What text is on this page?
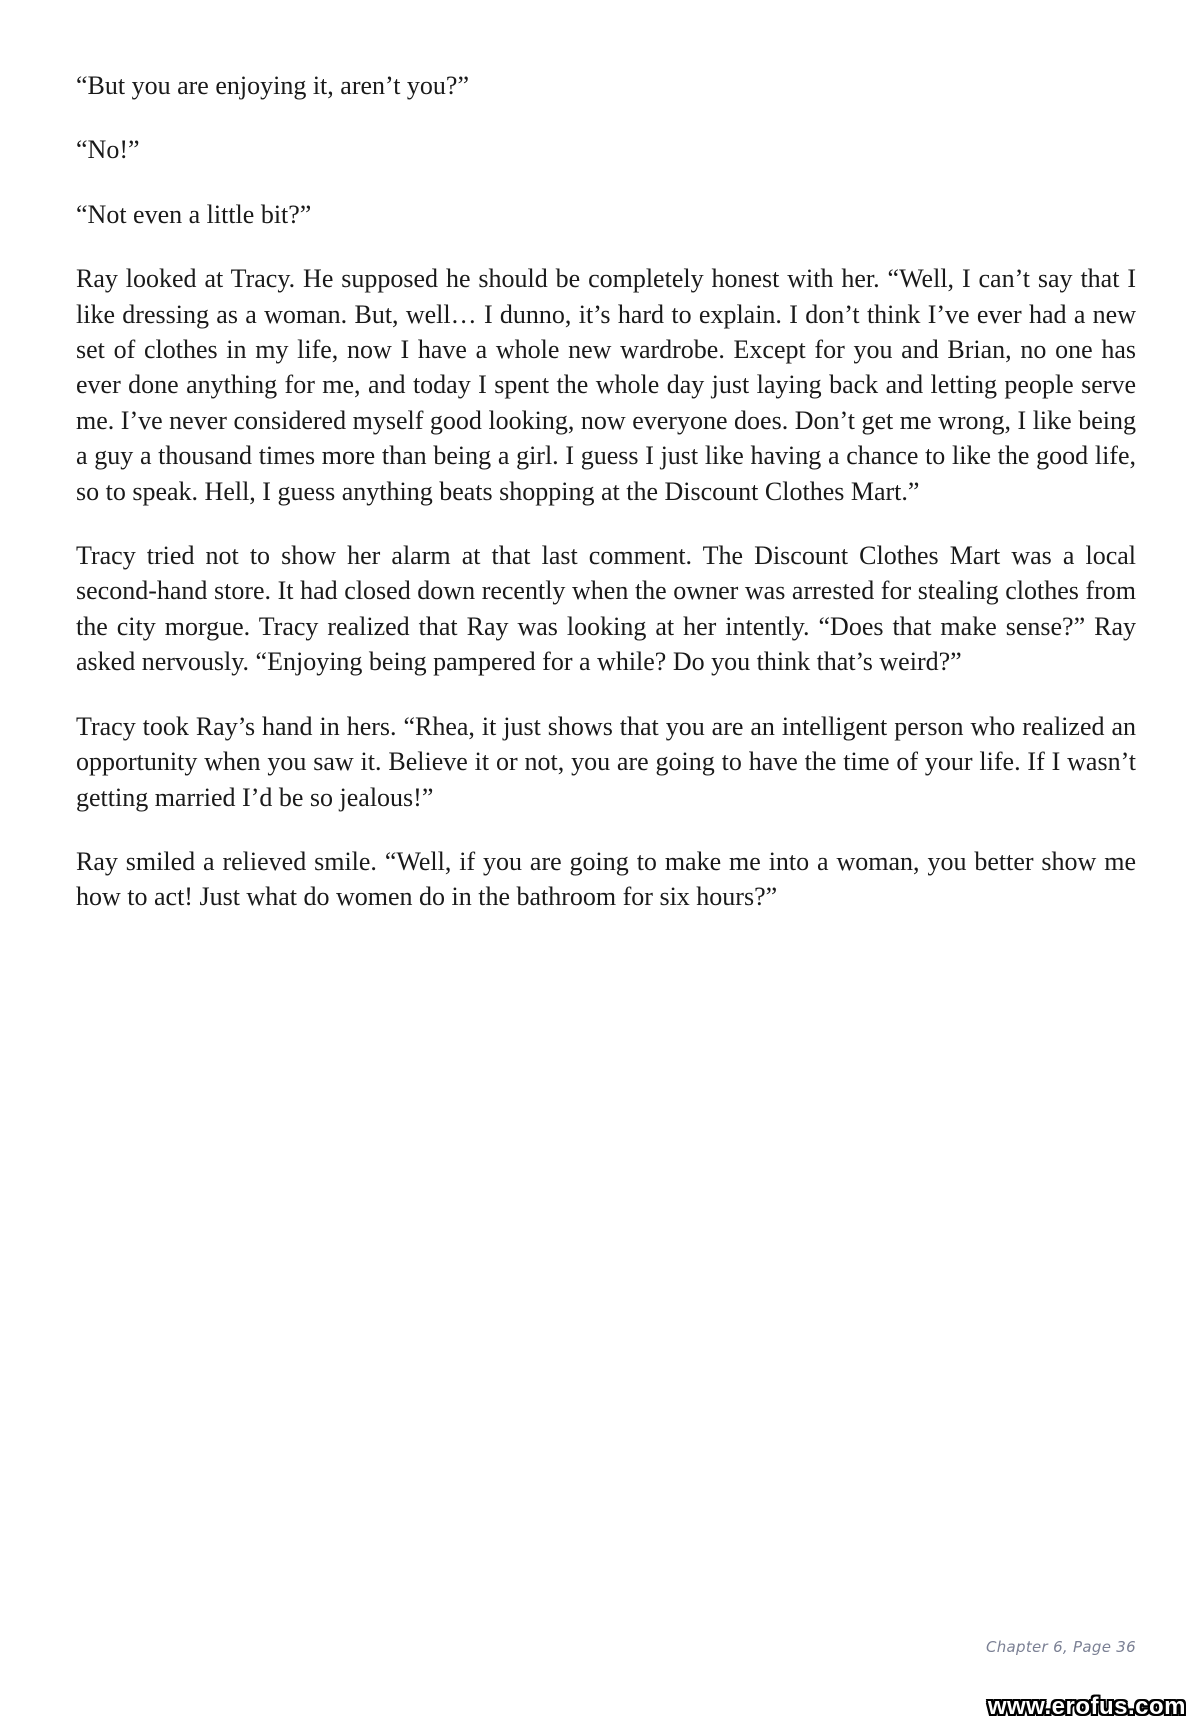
“But you are enjoying it, aren’t you?”

“No!”

“Not even a little bit?”

Ray looked at Tracy. He supposed he should be completely honest with her. “Well, I can’t say that I like dressing as a woman. But, well… I dunno, it’s hard to explain. I don’t think I’ve ever had a new set of clothes in my life, now I have a whole new wardrobe. Except for you and Brian, no one has ever done anything for me, and today I spent the whole day just laying back and letting people serve me. I’ve never considered myself good looking, now everyone does. Don’t get me wrong, I like being a guy a thousand times more than being a girl. I guess I just like having a chance to like the good life, so to speak. Hell, I guess anything beats shopping at the Discount Clothes Mart.”

Tracy tried not to show her alarm at that last comment. The Discount Clothes Mart was a local second-hand store. It had closed down recently when the owner was arrested for stealing clothes from the city morgue. Tracy realized that Ray was looking at her intently. “Does that make sense?” Ray asked nervously. “Enjoying being pampered for a while? Do you think that’s weird?”

Tracy took Ray’s hand in hers. “Rhea, it just shows that you are an intelligent person who realized an opportunity when you saw it. Believe it or not, you are going to have the time of your life. If I wasn’t getting married I’d be so jealous!”

Ray smiled a relieved smile. “Well, if you are going to make me into a woman, you better show me how to act! Just what do women do in the bathroom for six hours?”

Chapter 6, Page 36
www.erofus.com
